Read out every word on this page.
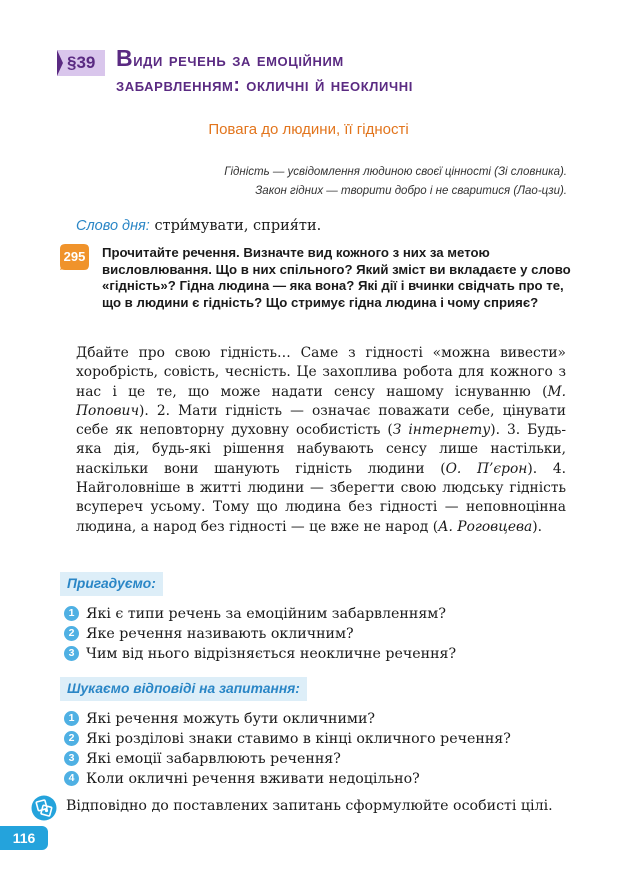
§39 Види речень за емоційним
забарвленням: окличні й неокличні
Повага до людини, її гідності
Гідність — усвідомлення людиною своєї цінності (Зі словника).
Закон гідних — творити добро і не сваритися (Лао-цзи).
Слово дня: стри́мувати, сприя́ти.
295 Прочитайте речення. Визначте вид кожного з них за метою висловлювання. Що в них спільного? Який зміст ви вкладаєте у слово «гідність»? Гідна людина — яка вона? Які дії і вчинки свідчать про те, що в людини є гідність? Що стримує гідна людина і чому сприяє?

Дбайте про свою гідність… Саме з гідності «можна вивести» хоробрість, совість, чесність. Це захоплива робота для кожного з нас і це те, що може надати сенсу нашому існуванню (М. Попович). 2. Мати гідність — означає поважати себе, цінувати себе як неповторну духовну особистість (З інтернету). 3. Будь-яка дія, будь-які рішення набувають сенсу лише настільки, наскільки вони шанують гідність людини (О. П’єрон). 4. Найголовніше в житті людини — зберегти свою людську гідність всупереч усьому. Тому що людина без гідності — неповноцінна людина, а народ без гідності — це вже не народ (А. Роговцева).

Пригадуємо:
1 Які є типи речень за емоційним забарвленням?
2 Яке речення називають окличним?
3 Чим від нього відрізняється неокличне речення?
Шукаємо відповіді на запитання:
1 Які речення можуть бути окличними?
2 Які розділові знаки ставимо в кінці окличного речення?
3 Які емоції забарвлюють речення?
4 Коли окличні речення вживати недоцільно?
Відповідно до поставлених запитань сформулюйте особисті цілі.
116
